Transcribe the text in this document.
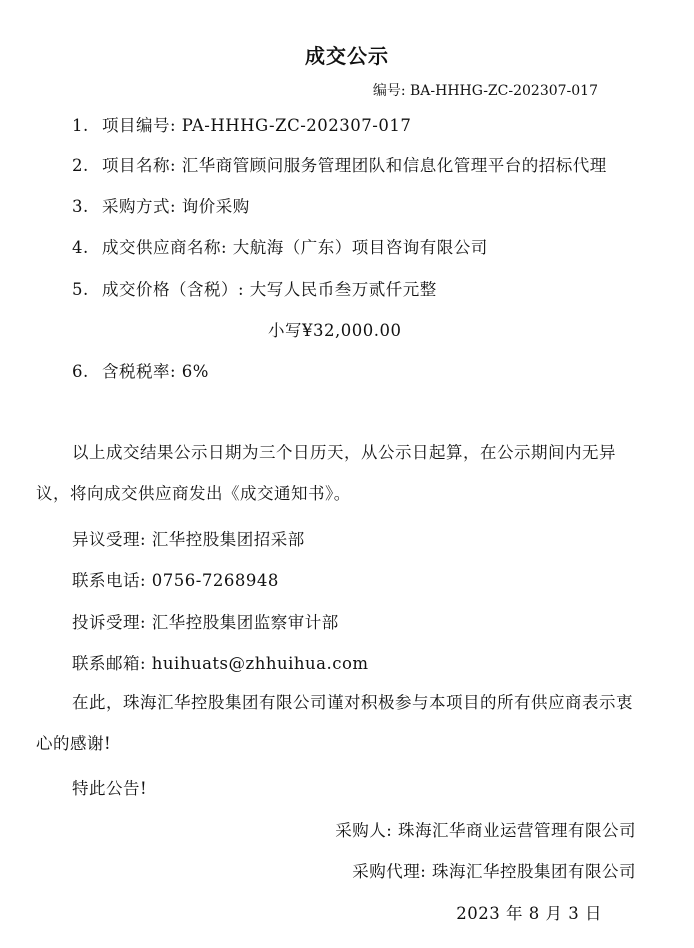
成交公示
编号: BA-HHHG-ZC-202307-017
1. 项目编号: PA-HHHG-ZC-202307-017
2. 项目名称: 汇华商管顾问服务管理团队和信息化管理平台的招标代理
3. 采购方式: 询价采购
4. 成交供应商名称: 大航海（广东）项目咨询有限公司
5. 成交价格（含税）: 大写人民币叁万贰仟元整
小写¥32,000.00
6. 含税税率: 6%
以上成交结果公示日期为三个日历天，从公示日起算，在公示期间内无异议，将向成交供应商发出《成交通知书》。
异议受理: 汇华控股集团招采部
联系电话: 0756-7268948
投诉受理: 汇华控股集团监察审计部
联系邮箱: huihuats@zhhuihua.com
在此，珠海汇华控股集团有限公司谨对积极参与本项目的所有供应商表示衷心的感谢!
特此公告!
采购人: 珠海汇华商业运营管理有限公司
采购代理: 珠海汇华控股集团有限公司
2023 年 8 月 3 日
